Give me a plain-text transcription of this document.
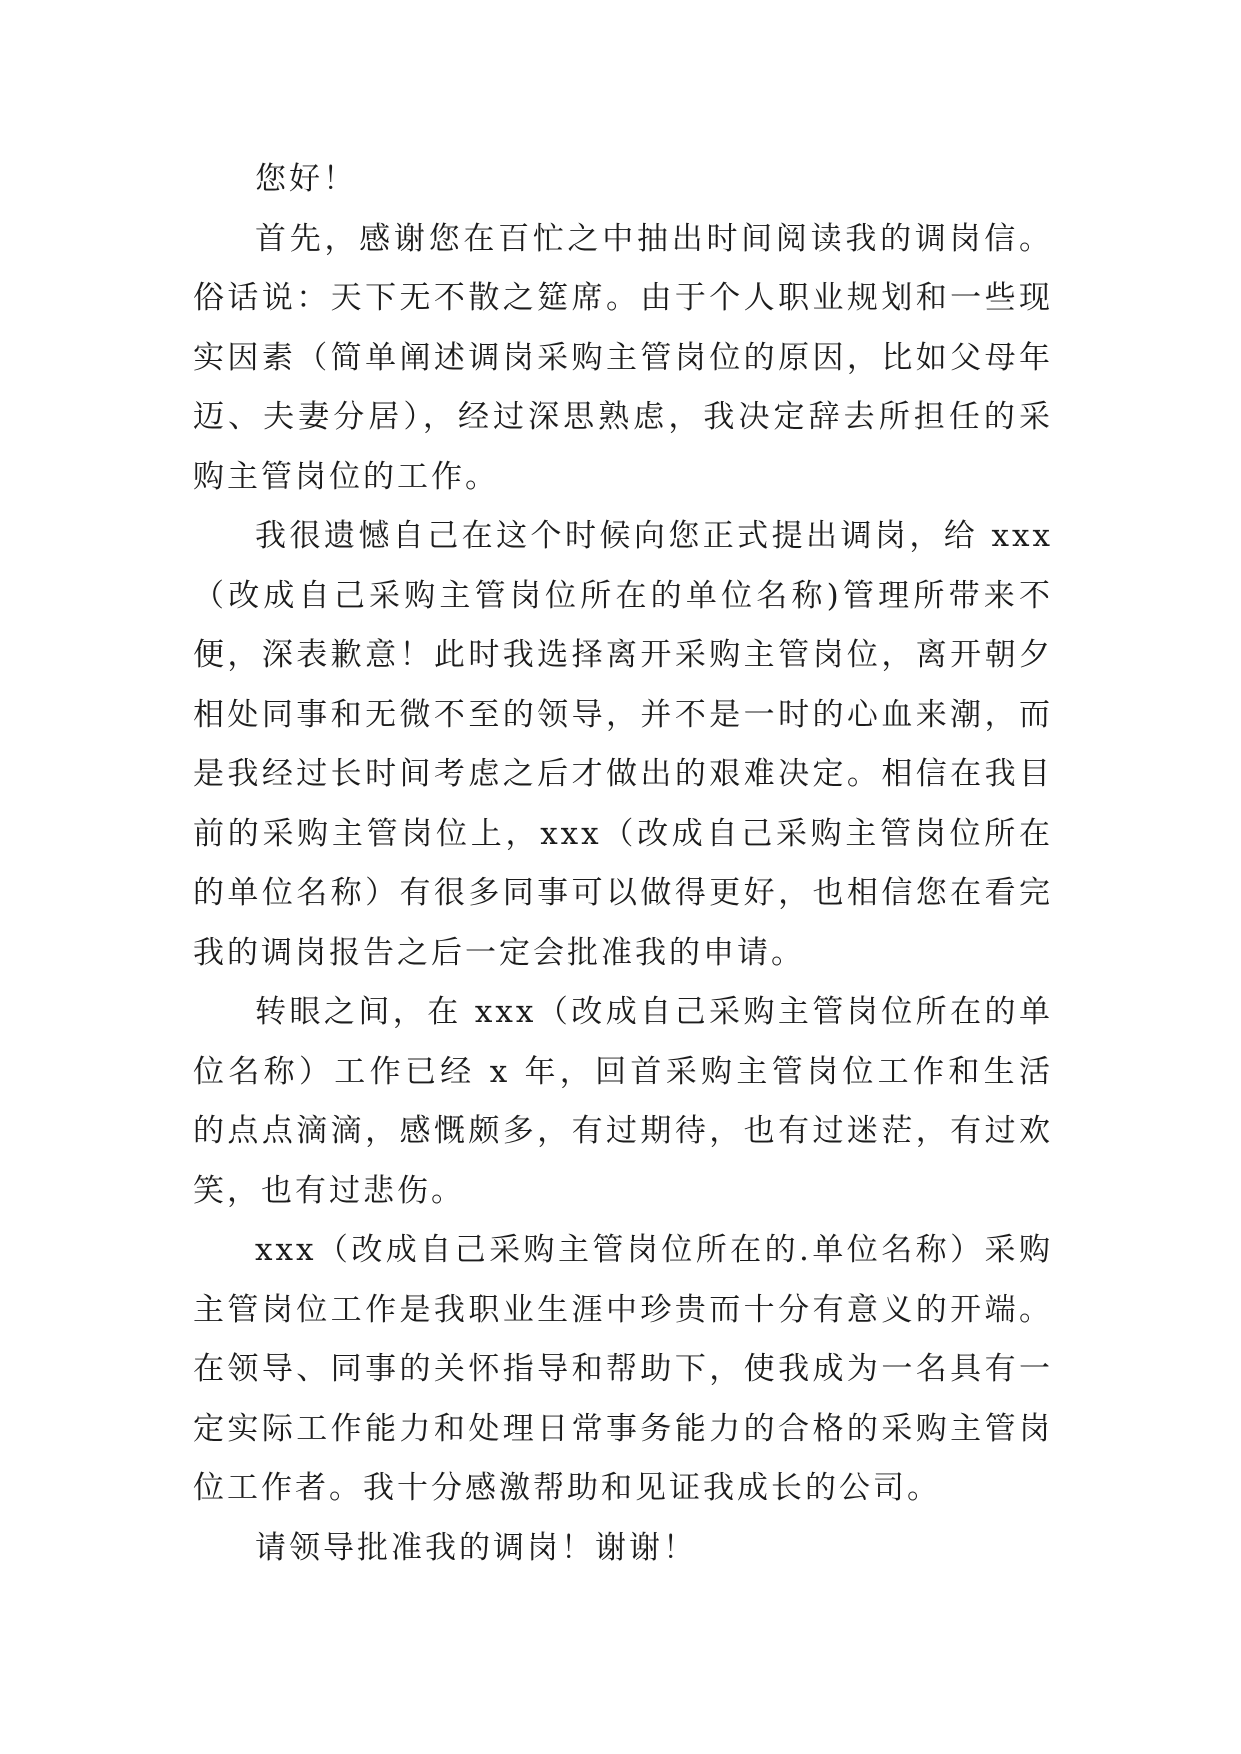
您好！

首先，感谢您在百忙之中抽出时间阅读我的调岗信。俗话说：天下无不散之筵席。由于个人职业规划和一些现实因素（简单阐述调岗采购主管岗位的原因，比如父母年迈、夫妻分居），经过深思熟虑，我决定辞去所担任的采购主管岗位的工作。

我很遗憾自己在这个时候向您正式提出调岗，给 xxx（改成自己采购主管岗位所在的单位名称)管理所带来不便，深表歉意！此时我选择离开采购主管岗位，离开朝夕相处同事和无微不至的领导，并不是一时的心血来潮，而是我经过长时间考虑之后才做出的艰难决定。相信在我目前的采购主管岗位上，xxx（改成自己采购主管岗位所在的单位名称）有很多同事可以做得更好，也相信您在看完我的调岗报告之后一定会批准我的申请。

转眼之间，在 xxx（改成自己采购主管岗位所在的单位名称）工作已经 x 年，回首采购主管岗位工作和生活的点点滴滴，感慨颇多，有过期待，也有过迷茫，有过欢笑，也有过悲伤。

xxx（改成自己采购主管岗位所在的.单位名称）采购主管岗位工作是我职业生涯中珍贵而十分有意义的开端。在领导、同事的关怀指导和帮助下，使我成为一名具有一定实际工作能力和处理日常事务能力的合格的采购主管岗位工作者。我十分感激帮助和见证我成长的公司。

请领导批准我的调岗！谢谢！
